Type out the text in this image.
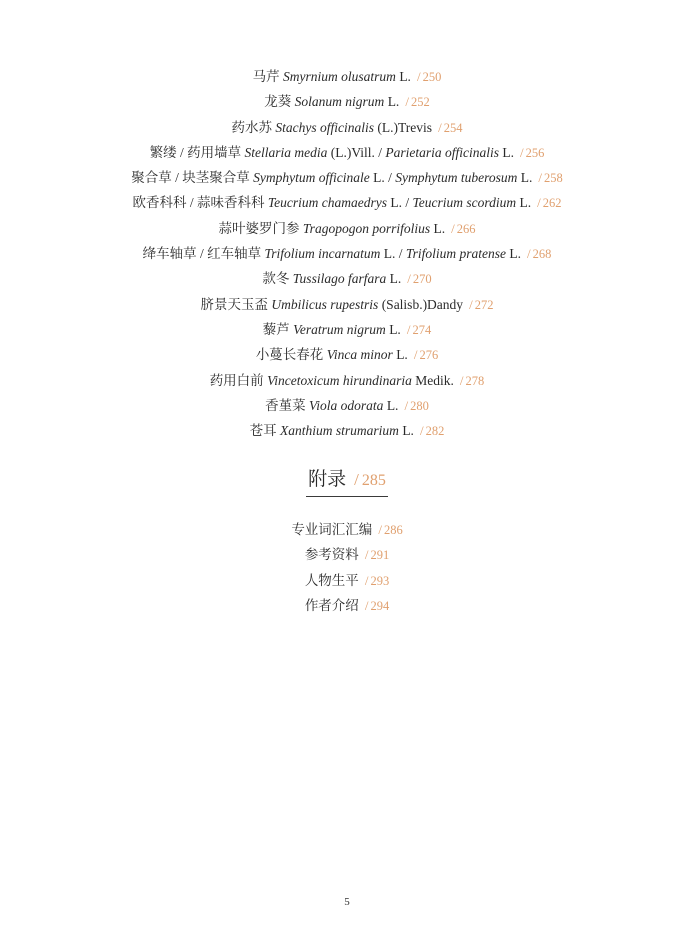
马芹 Smyrnium olusatrum L. / 250
龙葵 Solanum nigrum L. / 252
药水苏 Stachys officinalis (L.)Trevis / 254
繁缕 / 药用墙草 Stellaria media (L.)Vill. / Parietaria officinalis L. / 256
聚合草 / 块茎聚合草 Symphytum officinale L. / Symphytum tuberosum L. / 258
欧香科科 / 蒜味香科科 Teucrium chamaedrys L. / Teucrium scordium L. / 262
蒜叶婆罗门参 Tragopogon porrifolius L. / 266
绛车轴草 / 红车轴草 Trifolium incarnatum L. / Trifolium pratense L. / 268
款冬 Tussilago farfara L. / 270
脐景天玉盃 Umbilicus rupestris (Salisb.)Dandy / 272
藜芦 Veratrum nigrum L. / 274
小蔓长春花 Vinca minor L. / 276
药用白前 Vincetoxicum hirundinaria Medik. / 278
香堇菜 Viola odorata L. / 280
苍耳 Xanthium strumarium L. / 282
附录 / 285
专业词汇汇编 / 286
参考资料 / 291
人物生平 / 293
作者介绍 / 294
5
